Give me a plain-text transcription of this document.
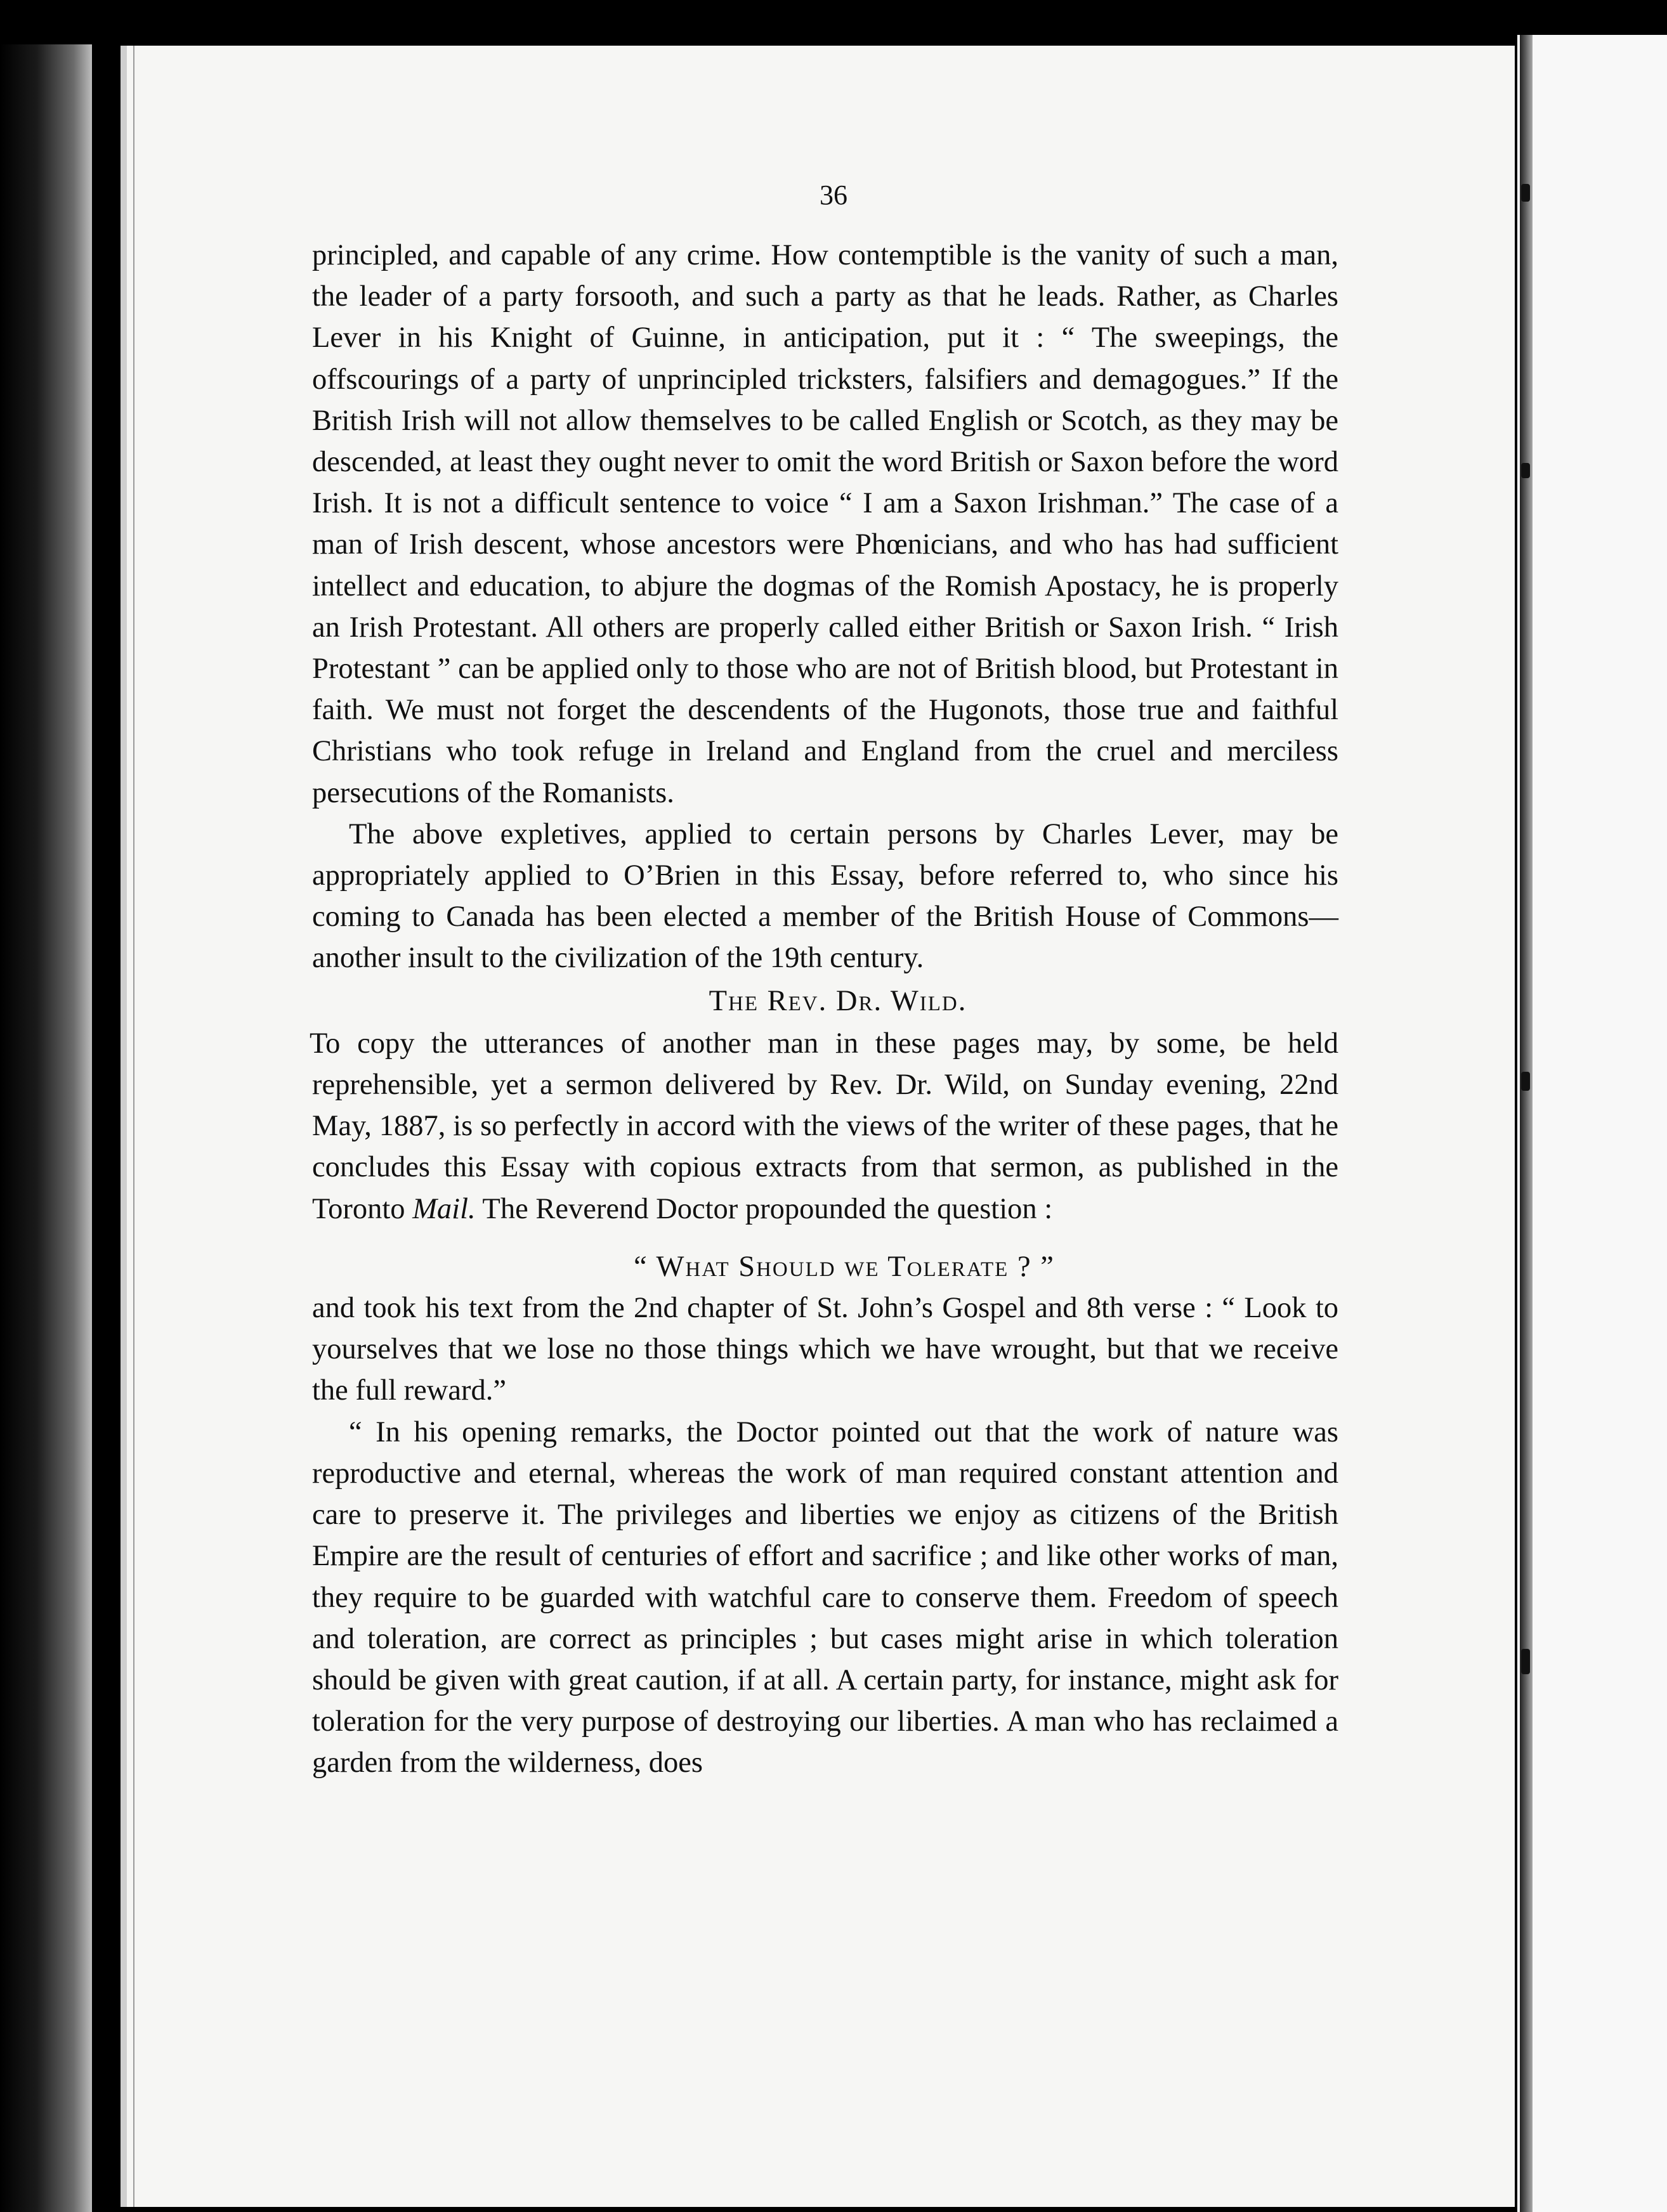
36

principled, and capable of any crime. How contemptible is the vanity of such a man, the leader of a party forsooth, and such a party as that he leads. Rather, as Charles Lever in his Knight of Guinne, in anticipation, put it : “ The sweepings, the offscourings of a party of unprincipled tricksters, falsifiers and demagogues.” If the British Irish will not allow themselves to be called English or Scotch, as they may be descended, at least they ought never to omit the word British or Saxon before the word Irish. It is not a difficult sentence to voice “ I am a Saxon Irishman.” The case of a man of Irish descent, whose ancestors were Phœnicians, and who has had sufficient intellect and education, to abjure the dogmas of the Romish Apostacy, he is properly an Irish Protestant. All others are properly called either British or Saxon Irish. “ Irish Protestant ” can be applied only to those who are not of British blood, but Protestant in faith. We must not forget the descendents of the Hugonots, those true and faithful Christians who took refuge in Ireland and England from the cruel and merciless persecutions of the Romanists.

The above expletives, applied to certain persons by Charles Lever, may be appropriately applied to O’Brien in this Essay, before referred to, who since his coming to Canada has been elected a member of the British House of Commons—another insult to the civilization of the 19th century.

The Rev. Dr. Wild.

To copy the utterances of another man in these pages may, by some, be held reprehensible, yet a sermon delivered by Rev. Dr. Wild, on Sunday evening, 22nd May, 1887, is so perfectly in accord with the views of the writer of these pages, that he concludes this Essay with copious extracts from that sermon, as published in the Toronto Mail. The Reverend Doctor propounded the question :

“ What Should we Tolerate ? ”

and took his text from the 2nd chapter of St. John’s Gospel and 8th verse : “ Look to yourselves that we lose no those things which we have wrought, but that we receive the full reward.”

“ In his opening remarks, the Doctor pointed out that the work of nature was reproductive and eternal, whereas the work of man required constant attention and care to preserve it. The privileges and liberties we enjoy as citizens of the British Empire are the result of centuries of effort and sacrifice ; and like other works of man, they require to be guarded with watchful care to conserve them. Freedom of speech and toleration, are correct as principles ; but cases might arise in which toleration should be given with great caution, if at all. A certain party, for instance, might ask for toleration for the very purpose of destroying our liberties. A man who has reclaimed a garden from the wilderness, does
